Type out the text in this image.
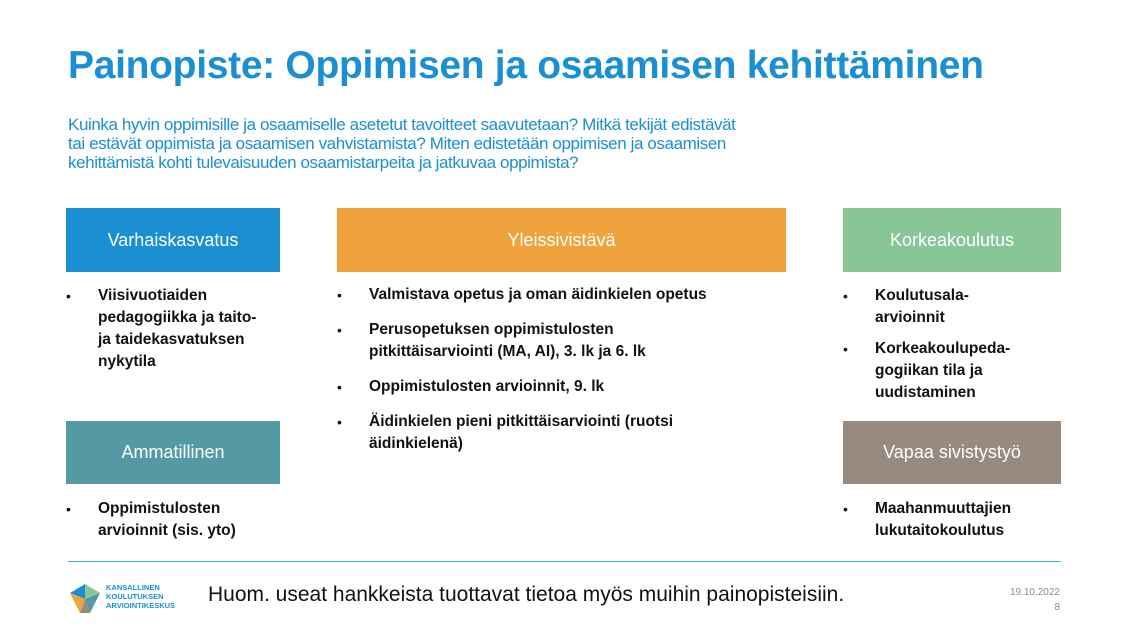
Painopiste: Oppimisen ja osaamisen kehittäminen

Kuinka hyvin oppimisille ja osaamiselle asetetut tavoitteet saavutetaan? Mitkä tekijät edistävät
tai estävät oppimista ja osaamisen vahvistamista? Miten edistetään oppimisen ja osaamisen
kehittämistä kohti tulevaisuuden osaamistarpeita ja jatkuvaa oppimista?

Varhaiskasvatus	Yleissivistävä	Korkeakoulutus
Ammatillinen	Vapaa sivistystyö
• Viisivuotiaiden
pedagogiikka ja taito-
ja taidekasvatuksen
nykytila
• Valmistava opetus ja oman äidinkielen opetus
• Perusopetuksen oppimistulosten
pitkittäisarviointi (MA, AI), 3. lk ja 6. lk
• Oppimistulosten arvioinnit, 9. lk
• Äidinkielen pieni pitkittäisarviointi (ruotsi
äidinkielenä)
• Koulutusala-
arvioinnit
• Korkeakoulupeda-
gogiikan tila ja
uudistaminen
• Oppimistulosten
arvioinnit (sis. yto)
• Maahanmuuttajien
lukutaitokoulutus
KANSALLINEN
KOULUTUKSEN
ARVIOINTIKESKUS Huom. useat hankkeista tuottavat tietoa myös muihin painopisteisiin.	19.10.2022
8
